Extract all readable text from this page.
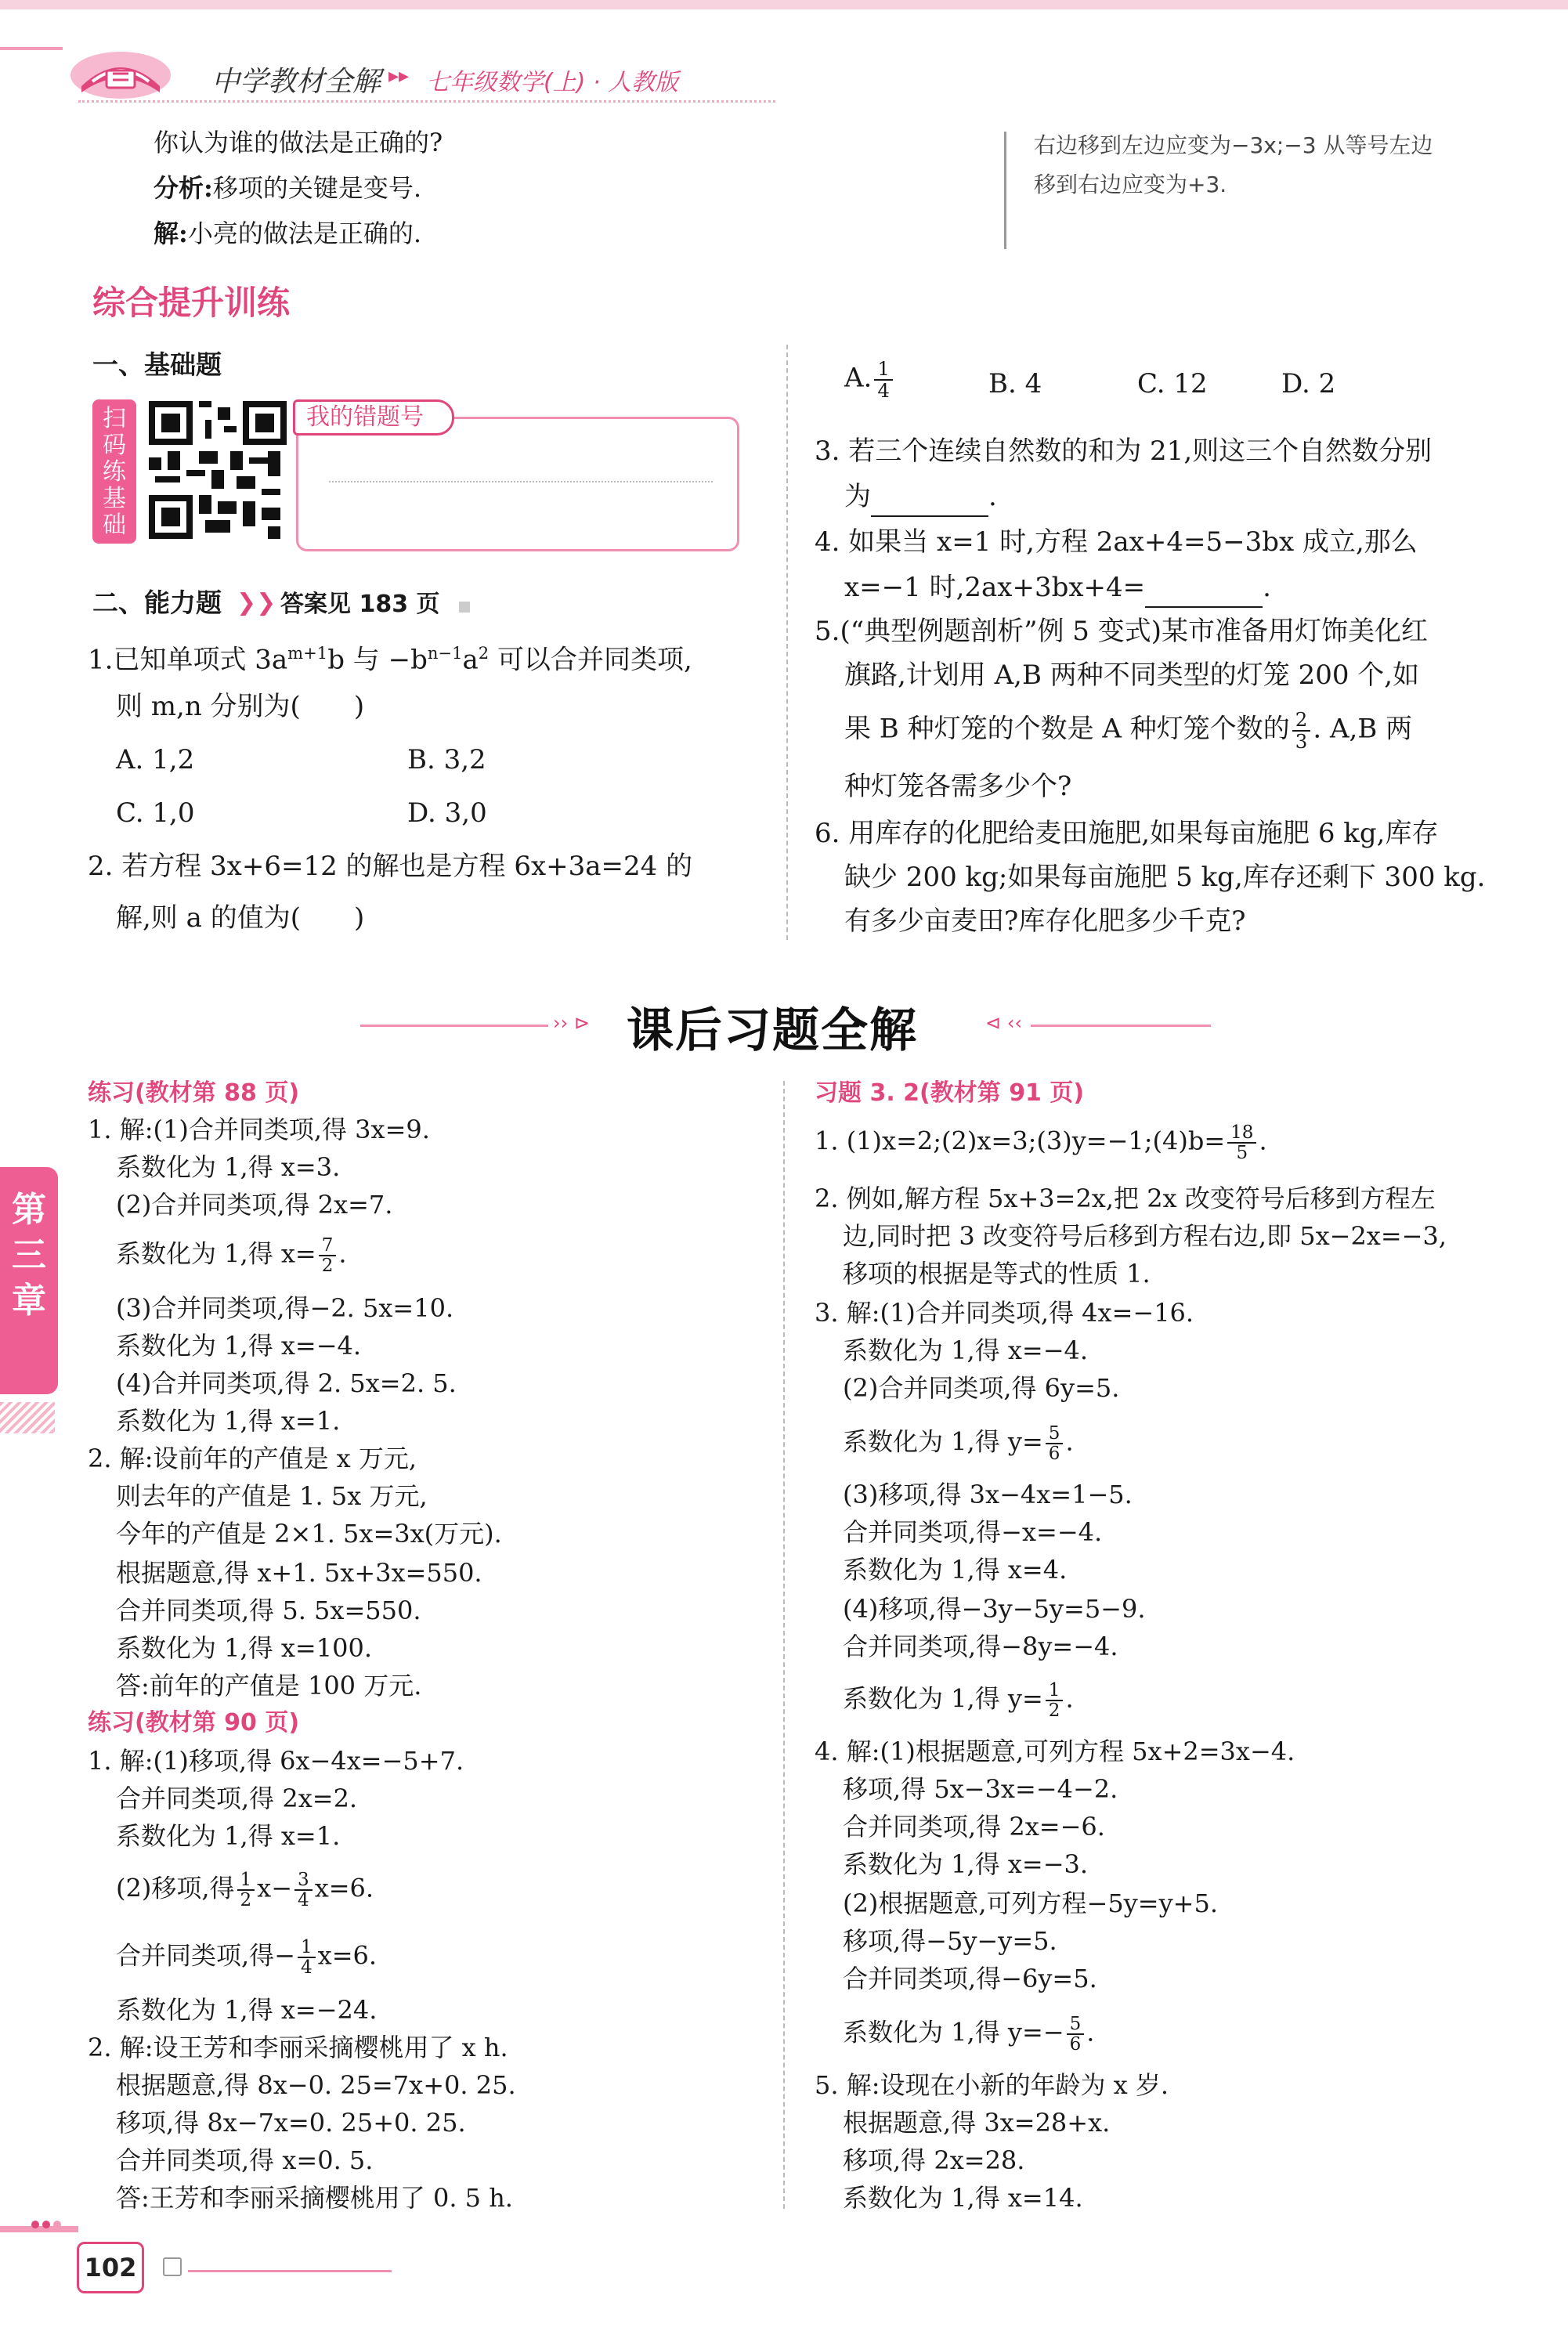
中学教材全解 ▸▸ 七年级数学(上) · 人教版
你认为谁的做法是正确的?
分析:移项的关键是变号.
解:小亮的做法是正确的.
右边移到左边应变为−3x;−3 从等号左边
移到右边应变为+3.
综合提升训练
一、基础题
扫码练基础
我的错题号
二、能力题 ❯❯ 答案见 183 页
1.已知单项式 $3a^{m+1}b$ 与 $-b^{n-1}a^2$ 可以合并同类项,
则 m,n 分别为(　　)
A. 1,2	B. 3,2
C. 1,0	D. 3,0
2. 若方程 3x+6=12 的解也是方程 6x+3a=24 的
解,则 a 的值为(　　)
A. $\frac{1}{4}$	B. 4	C. 12	D. 2
3. 若三个连续自然数的和为 21,则这三个自然数分别
为	.
4. 如果当 x=1 时,方程 2ax+4=5−3bx 成立,那么
x=−1 时,2ax+3bx+4=	.
5.(“典型例题剖析”例 5 变式)某市准备用灯饰美化红
旗路,计划用 A,B 两种不同类型的灯笼 200 个,如
果 B 种灯笼的个数是 A 种灯笼个数的 $\frac{2}{3}$ . A,B 两
种灯笼各需多少个?
6. 用库存的化肥给麦田施肥,如果每亩施肥 6 kg,库存
缺少 200 kg;如果每亩施肥 5 kg,库存还剩下 300 kg.
有多少亩麦田?库存化肥多少千克?
›› ⊳ 课后习题全解	⊲ ‹‹
第三章
练习(教材第 88 页)
1. 解:(1)合并同类项,得 3x=9.
系数化为 1,得 x=3.
(2)合并同类项,得 2x=7.
系数化为 1,得 $x= \frac{7}{2}$ .
(3)合并同类项,得−2. 5x=10.
系数化为 1,得 x=−4.
(4)合并同类项,得 2. 5x=2. 5.
系数化为 1,得 x=1.
2. 解:设前年的产值是 x 万元,
则去年的产值是 1. 5x 万元,
今年的产值是 2×1. 5x=3x(万元).
根据题意,得 x+1. 5x+3x=550.
合并同类项,得 5. 5x=550.
系数化为 1,得 x=100.
答:前年的产值是 100 万元.
练习(教材第 90 页)
1. 解:(1)移项,得 6x−4x=−5+7.
合并同类项,得 2x=2.
系数化为 1,得 x=1.
(2)移项,得 $\frac{1}{2} x- \frac{3}{4} x=6$.
合并同类项,得− $\frac{1}{4} x=6$.
系数化为 1,得 x=−24.
2. 解:设王芳和李丽采摘樱桃用了 x h.
根据题意,得 8x−0. 25=7x+0. 25.
移项,得 8x−7x=0. 25+0. 25.
合并同类项,得 x=0. 5.
答:王芳和李丽采摘樱桃用了 0. 5 h.
习题 3. 2(教材第 91 页)
1. (1)x=2;(2)x=3;(3)y=−1;(4)b= $\frac{18}{5}$ .
2. 例如,解方程 5x+3=2x,把 2x 改变符号后移到方程左
边,同时把 3 改变符号后移到方程右边,即 5x−2x=−3,
移项的根据是等式的性质 1.
3. 解:(1)合并同类项,得 4x=−16.
系数化为 1,得 x=−4.
(2)合并同类项,得 6y=5.
系数化为 1,得 $y= \frac{5}{6}$ .
(3)移项,得 3x−4x=1−5.
合并同类项,得−x=−4.
系数化为 1,得 x=4.
(4)移项,得−3y−5y=5−9.
合并同类项,得−8y=−4.
系数化为 1,得 $y= \frac{1}{2}$ .
4. 解:(1)根据题意,可列方程 5x+2=3x−4.
移项,得 5x−3x=−4−2.
合并同类项,得 2x=−6.
系数化为 1,得 x=−3.
(2)根据题意,可列方程−5y=y+5.
移项,得−5y−y=5.
合并同类项,得−6y=5.
系数化为 1,得 $y=- \frac{5}{6}$ .
5. 解:设现在小新的年龄为 x 岁.
根据题意,得 3x=28+x.
移项,得 2x=28.
系数化为 1,得 x=14.
102
